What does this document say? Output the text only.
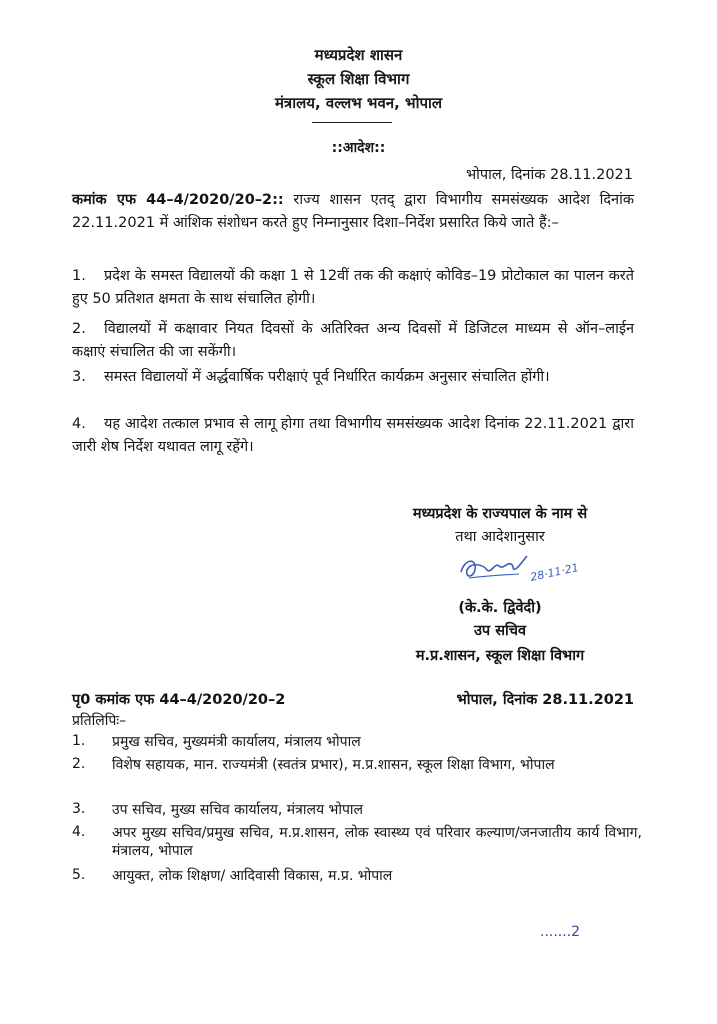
मध्यप्रदेश शासन
स्कूल शिक्षा विभाग
मंत्रालय, वल्लभ भवन, भोपाल
::आदेश::
भोपाल, दिनांक 28.11.2021
कमांक एफ 44–4/2020/20–2:: राज्य शासन एतद् द्वारा विभागीय समसंख्यक आदेश दिनांक 22.11.2021 में आंशिक संशोधन करते हुए निम्नानुसार दिशा–निर्देश प्रसारित किये जाते हैं:–
1. प्रदेश के समस्त विद्यालयों की कक्षा 1 से 12वीं तक की कक्षाएं कोविड–19 प्रोटोकाल का पालन करते हुए 50 प्रतिशत क्षमता के साथ संचालित होगी।
2. विद्यालयों में कक्षावार नियत दिवसों के अतिरिक्त अन्य दिवसों में डिजिटल माध्यम से ऑन–लाईन कक्षाएं संचालित की जा सकेंगी।
3. समस्त विद्यालयों में अर्द्धवार्षिक परीक्षाएं पूर्व निर्धारित कार्यक्रम अनुसार संचालित होंगी।
4. यह आदेश तत्काल प्रभाव से लागू होगा तथा विभागीय समसंख्यक आदेश दिनांक 22.11.2021 द्वारा जारी शेष निर्देश यथावत लागू रहेंगे।
मध्यप्रदेश के राज्यपाल के नाम से
तथा आदेशानुसार
28·11·21
(के.के. द्विवेदी)
उप सचिव
म.प्र.शासन, स्कूल शिक्षा विभाग
पृ0 कमांक एफ 44–4/2020/20–2	भोपाल, दिनांक 28.11.2021
प्रतिलिपिः–
1. प्रमुख सचिव, मुख्यमंत्री कार्यालय, मंत्रालय भोपाल
2. विशेष सहायक, मान. राज्यमंत्री (स्वतंत्र प्रभार), म.प्र.शासन, स्कूल शिक्षा विभाग, भोपाल
3. उप सचिव, मुख्य सचिव कार्यालय, मंत्रालय भोपाल
4. अपर मुख्य सचिव/प्रमुख सचिव, म.प्र.शासन, लोक स्वास्थ्य एवं परिवार कल्याण/जनजातीय कार्य विभाग, मंत्रालय, भोपाल
5. आयुक्त, लोक शिक्षण/ आदिवासी विकास, म.प्र. भोपाल
.......2
